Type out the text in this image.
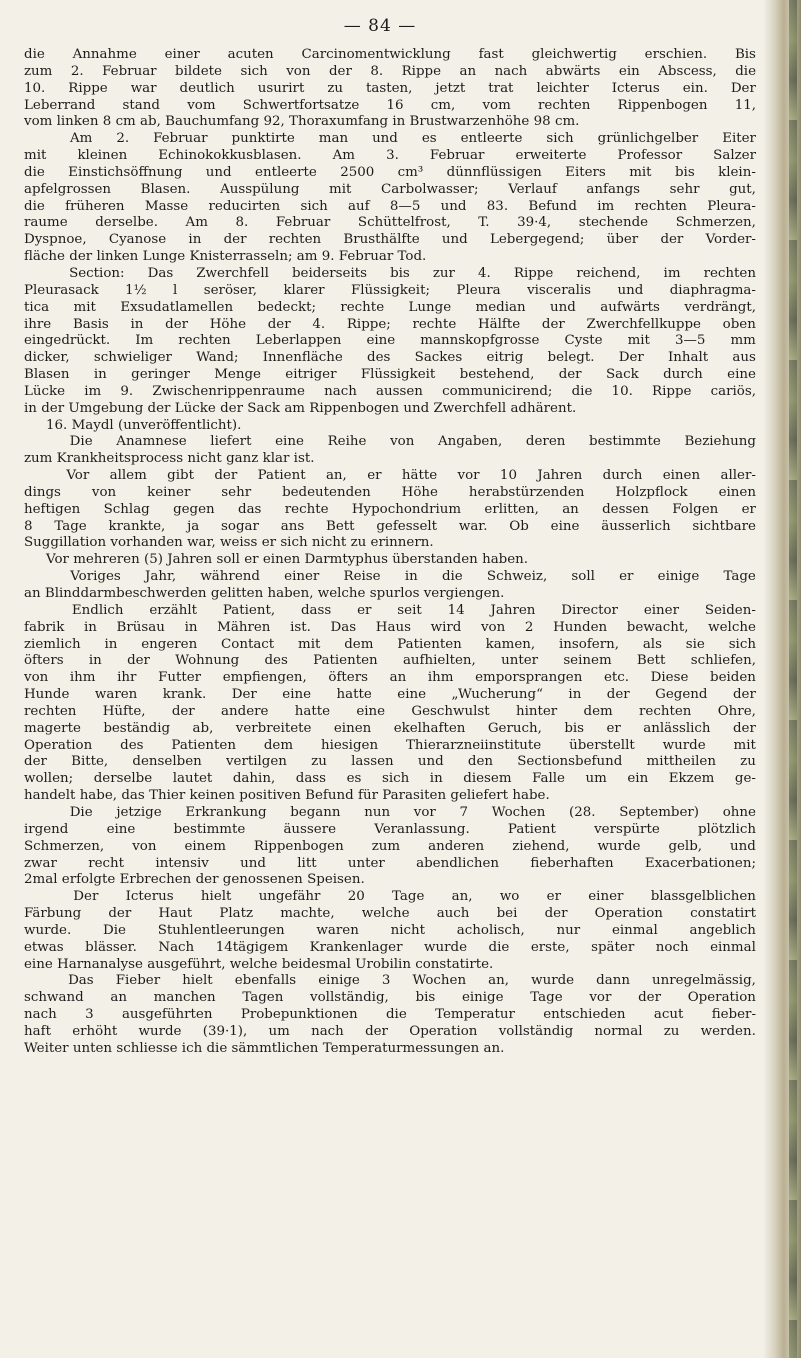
— 84 —
die Annahme einer acuten Carcinomentwicklung fast gleichwertig erschien. Bis
zum 2. Februar bildete sich von der 8. Rippe an nach abwärts ein Abscess, die
10. Rippe war deutlich usurirt zu tasten, jetzt trat leichter Icterus ein. Der
Leberrand stand vom Schwertfortsatze 16 cm, vom rechten Rippenbogen 11,
vom linken 8 cm ab, Bauchumfang 92, Thoraxumfang in Brustwarzenhöhe 98 cm.
Am 2. Februar punktirte man und es entleerte sich grünlichgelber Eiter
mit kleinen Echinokokkusblasen. Am 3. Februar erweiterte Professor Salzer
die Einstichsöffnung und entleerte 2500 cm³ dünnflüssigen Eiters mit bis klein-
apfelgrossen Blasen. Ausspülung mit Carbolwasser; Verlauf anfangs sehr gut,
die früheren Masse reducirten sich auf 8—5 und 83. Befund im rechten Pleura-
raume derselbe. Am 8. Februar Schüttelfrost, T. 39·4, stechende Schmerzen,
Dyspnoe, Cyanose in der rechten Brusthälfte und Lebergegend; über der Vorder-
fläche der linken Lunge Knisterrasseln; am 9. Februar Tod.
Section: Das Zwerchfell beiderseits bis zur 4. Rippe reichend, im rechten
Pleurasack 1½ l seröser, klarer Flüssigkeit; Pleura visceralis und diaphragma-
tica mit Exsudatlamellen bedeckt; rechte Lunge median und aufwärts verdrängt,
ihre Basis in der Höhe der 4. Rippe; rechte Hälfte der Zwerchfellkuppe oben
eingedrückt. Im rechten Leberlappen eine mannskopfgrosse Cyste mit 3—5 mm
dicker, schwieliger Wand; Innenfläche des Sackes eitrig belegt. Der Inhalt aus
Blasen in geringer Menge eitriger Flüssigkeit bestehend, der Sack durch eine
Lücke im 9. Zwischenrippenraume nach aussen communicirend; die 10. Rippe cariös,
in der Umgebung der Lücke der Sack am Rippenbogen und Zwerchfell adhärent.
16. Maydl (unveröffentlicht).
Die Anamnese liefert eine Reihe von Angaben, deren bestimmte Beziehung
zum Krankheitsprocess nicht ganz klar ist.
Vor allem gibt der Patient an, er hätte vor 10 Jahren durch einen aller-
dings von keiner sehr bedeutenden Höhe herabstürzenden Holzpflock einen
heftigen Schlag gegen das rechte Hypochondrium erlitten, an dessen Folgen er
8 Tage krankte, ja sogar ans Bett gefesselt war. Ob eine äusserlich sichtbare
Suggillation vorhanden war, weiss er sich nicht zu erinnern.
Vor mehreren (5) Jahren soll er einen Darmtyphus überstanden haben.
Voriges Jahr, während einer Reise in die Schweiz, soll er einige Tage
an Blinddarmbeschwerden gelitten haben, welche spurlos vergiengen.
Endlich erzählt Patient, dass er seit 14 Jahren Director einer Seiden-
fabrik in Brüsau in Mähren ist. Das Haus wird von 2 Hunden bewacht, welche
ziemlich in engeren Contact mit dem Patienten kamen, insofern, als sie sich
öfters in der Wohnung des Patienten aufhielten, unter seinem Bett schliefen,
von ihm ihr Futter empfiengen, öfters an ihm emporsprangen etc. Diese beiden
Hunde waren krank. Der eine hatte eine „Wucherung“ in der Gegend der
rechten Hüfte, der andere hatte eine Geschwulst hinter dem rechten Ohre,
magerte beständig ab, verbreitete einen ekelhaften Geruch, bis er anlässlich der
Operation des Patienten dem hiesigen Thierarzneiinstitute überstellt wurde mit
der Bitte, denselben vertilgen zu lassen und den Sectionsbefund mittheilen zu
wollen; derselbe lautet dahin, dass es sich in diesem Falle um ein Ekzem ge-
handelt habe, das Thier keinen positiven Befund für Parasiten geliefert habe.
Die jetzige Erkrankung begann nun vor 7 Wochen (28. September) ohne
irgend	eine	bestimmte	äussere	Veranlassung.	Patient	verspürte	plötzlich
Schmerzen, von einem Rippenbogen zum anderen ziehend, wurde gelb, und
zwar recht intensiv und litt unter abendlichen fieberhaften Exacerbationen;
2mal erfolgte Erbrechen der genossenen Speisen.
Der Icterus hielt ungefähr 20 Tage an, wo er einer blassgelblichen
Färbung der Haut Platz machte, welche auch bei der Operation constatirt
wurde. Die Stuhlentleerungen waren nicht acholisch, nur einmal angeblich
etwas blässer. Nach 14tägigem Krankenlager wurde die erste, später noch einmal
eine Harnanalyse ausgeführt, welche beidesmal Urobilin constatirte.
Das Fieber hielt ebenfalls einige 3 Wochen an, wurde dann unregelmässig,
schwand an manchen Tagen vollständig, bis einige Tage vor der Operation
nach 3 ausgeführten Probepunktionen die Temperatur entschieden acut fieber-
haft erhöht wurde (39·1), um nach der Operation vollständig normal zu werden.
Weiter unten schliesse ich die sämmtlichen Temperaturmessungen an.
